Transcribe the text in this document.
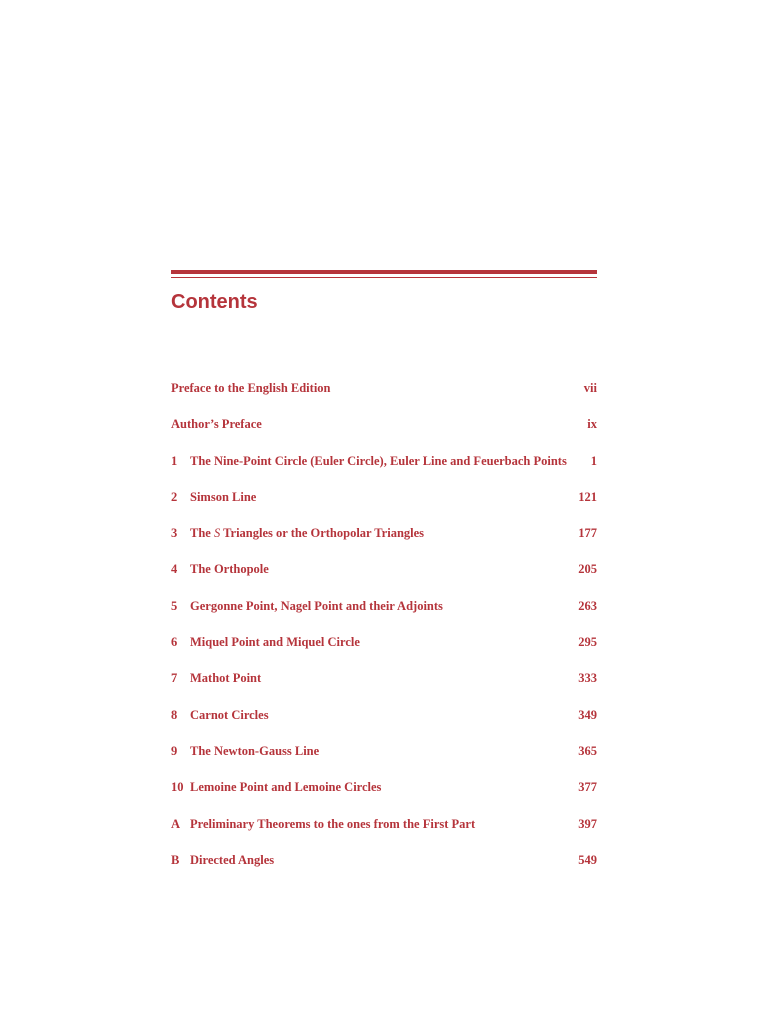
Contents
Preface to the English Edition	vii
Author’s Preface	ix
1	The Nine-Point Circle (Euler Circle), Euler Line and Feuerbach Points	1
2	Simson Line	121
3	The S Triangles or the Orthopolar Triangles	177
4	The Orthopole	205
5	Gergonne Point, Nagel Point and their Adjoints	263
6	Miquel Point and Miquel Circle	295
7	Mathot Point	333
8	Carnot Circles	349
9	The Newton-Gauss Line	365
10 Lemoine Point and Lemoine Circles	377
A Preliminary Theorems to the ones from the First Part	397
B Directed Angles	549
